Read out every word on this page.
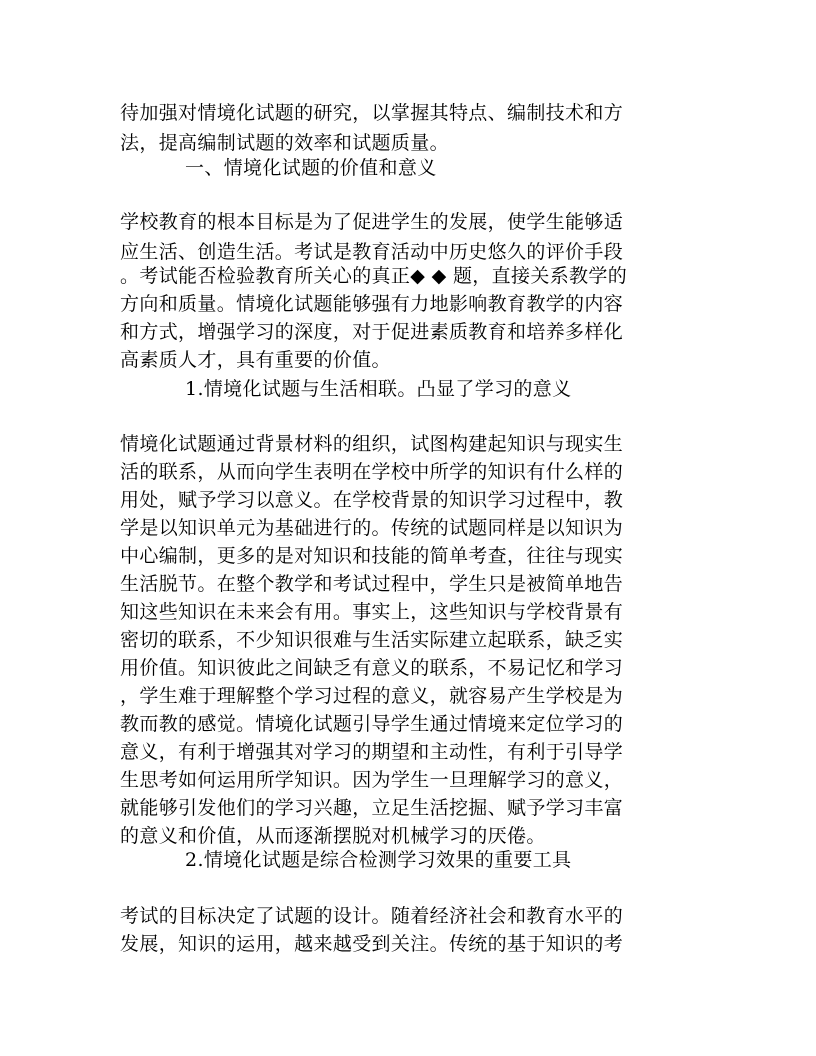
待加强对情境化试题的研究，以掌握其特点、编制技术和方
法，提高编制试题的效率和试题质量。
一、情境化试题的价值和意义
学校教育的根本目标是为了促进学生的发展，使学生能够适
应生活、创造生活。考试是教育活动中历史悠久的评价手段
。考试能否检验教育所关心的真正◆ ◆ 题，直接关系教学的
方向和质量。情境化试题能够强有力地影响教育教学的内容
和方式，增强学习的深度，对于促进素质教育和培养多样化
高素质人才，具有重要的价值。
1.情境化试题与生活相联。凸显了学习的意义
情境化试题通过背景材料的组织，试图构建起知识与现实生
活的联系，从而向学生表明在学校中所学的知识有什么样的
用处，赋予学习以意义。在学校背景的知识学习过程中，教
学是以知识单元为基础进行的。传统的试题同样是以知识为
中心编制，更多的是对知识和技能的简单考查，往往与现实
生活脱节。在整个教学和考试过程中，学生只是被简单地告
知这些知识在未来会有用。事实上，这些知识与学校背景有
密切的联系，不少知识很难与生活实际建立起联系，缺乏实
用价值。知识彼此之间缺乏有意义的联系，不易记忆和学习
，学生难于理解整个学习过程的意义，就容易产生学校是为
教而教的感觉。情境化试题引导学生通过情境来定位学习的
意义，有利于增强其对学习的期望和主动性，有利于引导学
生思考如何运用所学知识。因为学生一旦理解学习的意义，
就能够引发他们的学习兴趣，立足生活挖掘、赋予学习丰富
的意义和价值，从而逐渐摆脱对机械学习的厌倦。
2.情境化试题是综合检测学习效果的重要工具
考试的目标决定了试题的设计。随着经济社会和教育水平的
发展，知识的运用，越来越受到关注。传统的基于知识的考
